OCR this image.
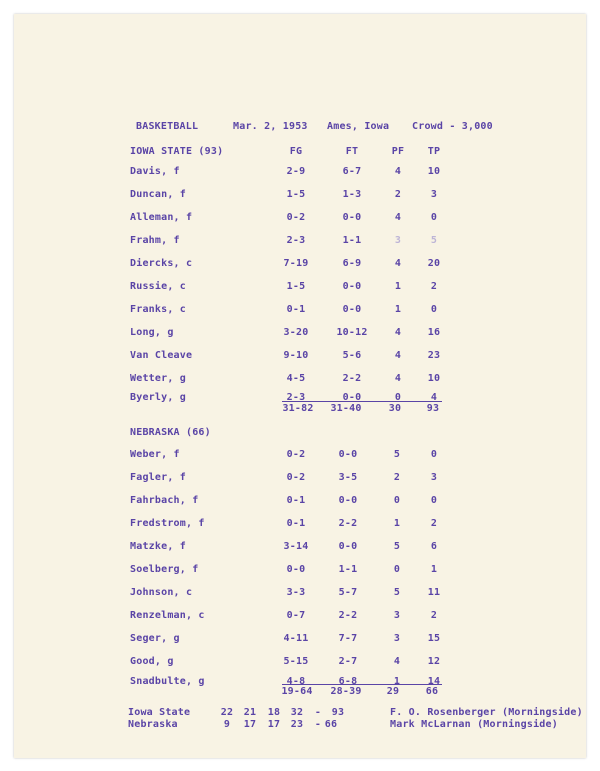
BASKETBALL	Mar. 2, 1953 Ames, Iowa Crowd - 3,000
IOWA STATE (93)	FG	FT	PF TP
Davis, f	2-9	6-7	4	10
Duncan, f	1-5	1-3	2	3
Alleman, f	0-2	0-0	4	0
Frahm, f	2-3	1-1	3	5
Diercks, c	7-19	6-9	4	20
Russie, c	1-5	0-0	1	2
Franks, c	0-1	0-0	1	0
Long, g	3-20	10-12	4	16
Van Cleave	9-10	5-6	4	23
Wetter, g	4-5	2-2	4	10
Byerly, g	2-3	0-0	0	4
31-82 31-40	30	93
NEBRASKA (66)
Weber, f	0-2	0-0	5	0
Fagler, f	0-2	3-5	2	3
Fahrbach, f	0-1	0-0	0	0
Fredstrom, f	0-1	2-2	1	2
Matzke, f	3-14	0-0	5	6
Soelberg, f	0-0	1-1	0	1
Johnson, c	3-3	5-7	5	11
Renzelman, c	0-7	2-2	3	2
Seger, g	4-11	7-7	3	15
Good, g	5-15	2-7	4	12
Snadbulte, g	4-8	6-8	1	14
19-64 28-39	29	66
Iowa State	22 21 18 32 - 93
Nebraska	9 17 17 23 - 66
F. O. Rosenberger (Morningside)
Mark McLarnan (Morningside)
